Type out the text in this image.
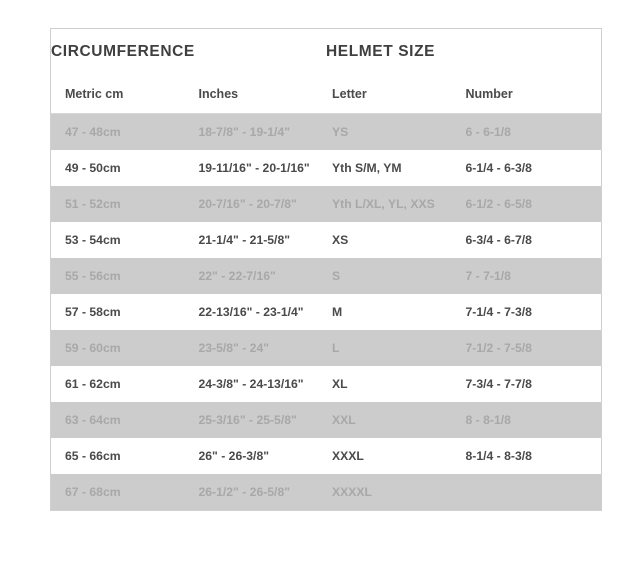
CIRCUMFERENCE		HELMET SIZE	
Metric cm	Inches	Letter	Number
47 - 48cm	18-7/8" - 19-1/4"	YS	6 - 6-1/8
49 - 50cm	19-11/16" - 20-1/16"	Yth S/M, YM	6-1/4 - 6-3/8
51 - 52cm	20-7/16" - 20-7/8"	Yth L/XL, YL, XXS	6-1/2 - 6-5/8
53 - 54cm	21-1/4" - 21-5/8"	XS	6-3/4 - 6-7/8
55 - 56cm	22" - 22-7/16"	S	7 - 7-1/8
57 - 58cm	22-13/16" - 23-1/4"	M	7-1/4 - 7-3/8
59 - 60cm	23-5/8" - 24"	L	7-1/2 - 7-5/8
61 - 62cm	24-3/8" - 24-13/16"	XL	7-3/4 - 7-7/8
63 - 64cm	25-3/16" - 25-5/8"	XXL	8 - 8-1/8
65 - 66cm	26" - 26-3/8"	XXXL	8-1/4 - 8-3/8
67 - 68cm	26-1/2" - 26-5/8"	XXXXL	
